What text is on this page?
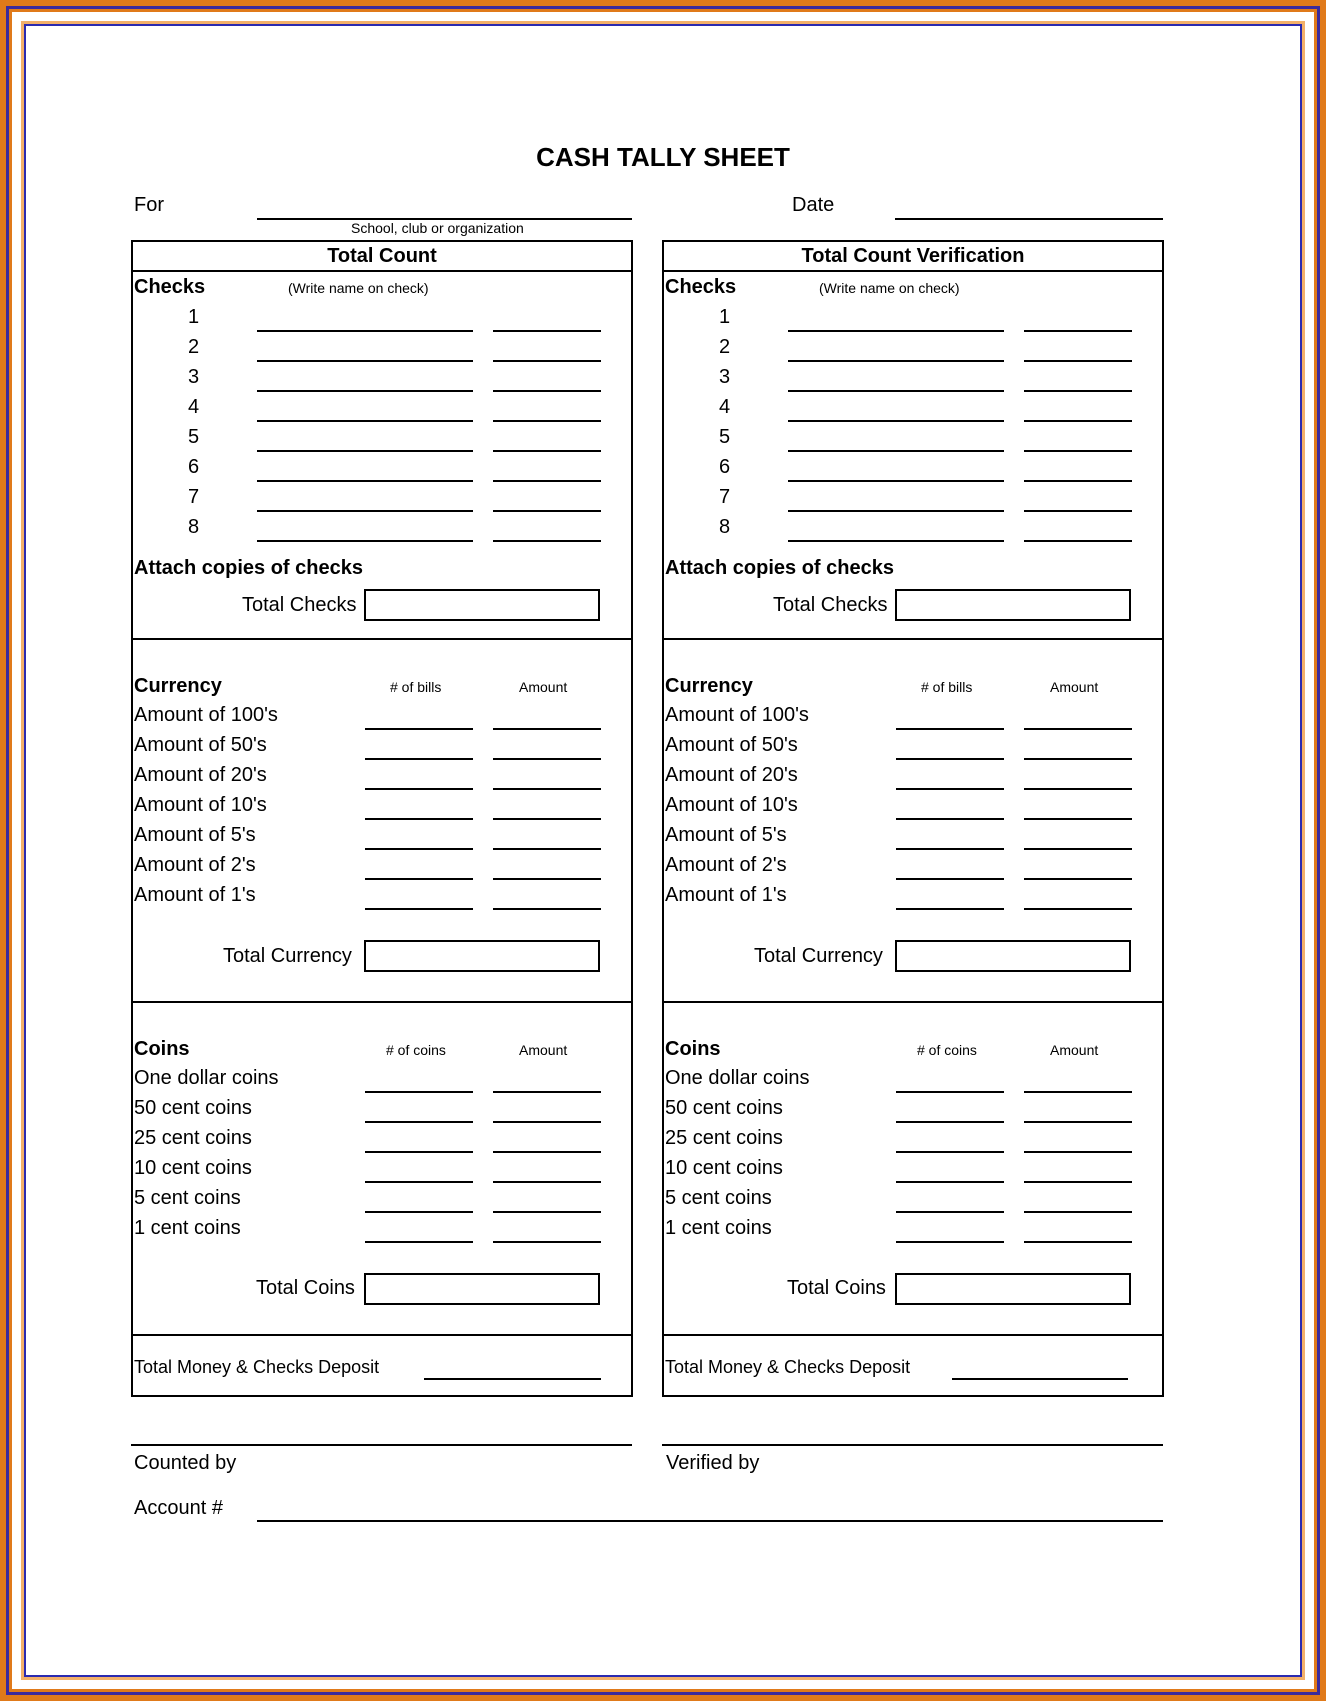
CASH TALLY SHEET
For
School, club or organization
Date
Total Count
Checks	(Write name on check)
1
2
3
4
5
6
7
8
Attach copies of checks
Total Checks
Currency	# of bills	Amount
Amount of 100's
Amount of 50's
Amount of 20's
Amount of 10's
Amount of 5's
Amount of 2's
Amount of 1's
Total Currency
Coins	# of coins	Amount
One dollar coins
50 cent coins
25 cent coins
10 cent coins
5 cent coins
1 cent coins
Total Coins
Total Money & Checks Deposit
Total Count Verification
Checks	(Write name on check)
1
2
3
4
5
6
7
8
Attach copies of checks
Total Checks
Currency	# of bills	Amount
Amount of 100's
Amount of 50's
Amount of 20's
Amount of 10's
Amount of 5's
Amount of 2's
Amount of 1's
Total Currency
Coins	# of coins	Amount
One dollar coins
50 cent coins
25 cent coins
10 cent coins
5 cent coins
1 cent coins
Total Coins
Total Money & Checks Deposit
Counted by	Verified by
Account #
